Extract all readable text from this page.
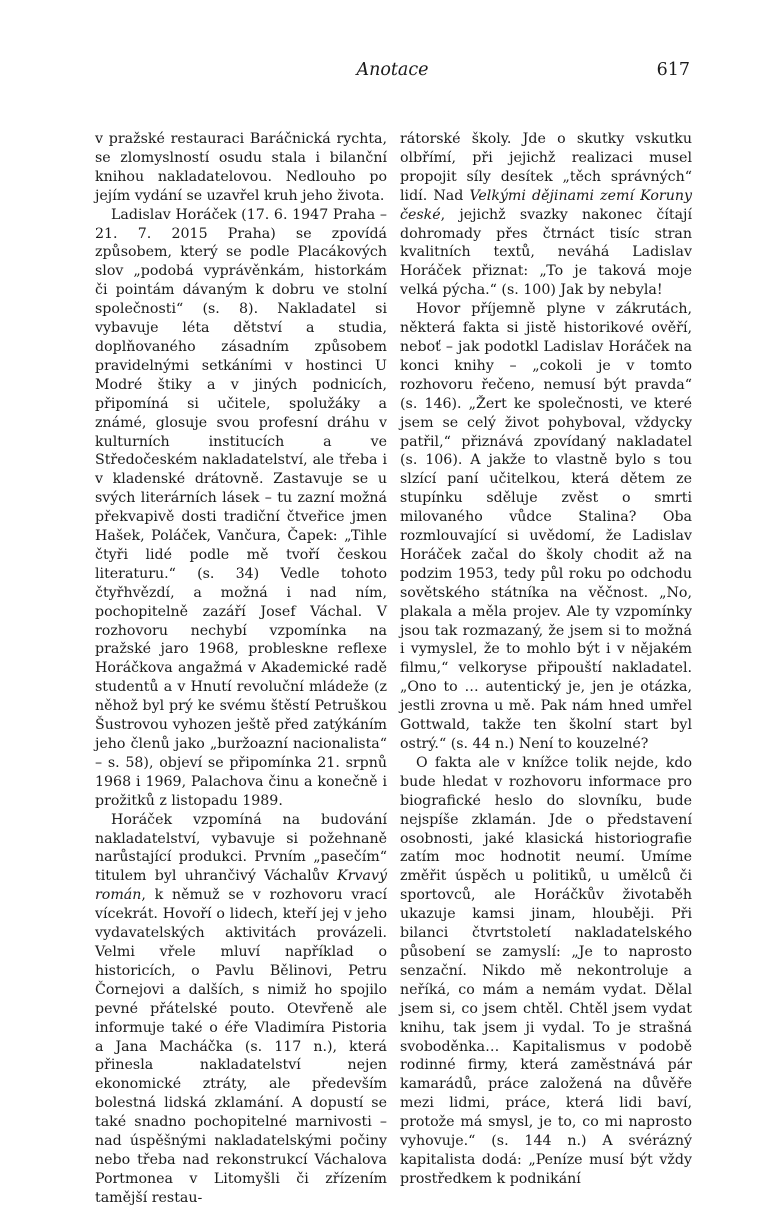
Anotace	617

v pražské restauraci Baráčnická rychta, se zlomyslností osudu stala i bilanční knihou nakladatelovou. Nedlouho po jejím vydání se uzavřel kruh jeho života.

Ladislav Horáček (17. 6. 1947 Praha – 21. 7. 2015 Praha) se zpovídá způsobem, který se podle Placákových slov „podobá vyprávěnkám, historkám či pointám dávaným k dobru ve stolní společnosti“ (s. 8). Nakladatel si vybavuje léta dětství a studia, doplňovaného zásadním způsobem pravidelnými setkáními v hostinci U Modré štiky a v jiných podnicích, připomíná si učitele, spolužáky a známé, glosuje svou profesní dráhu v kulturních institucích a ve Středočeském nakladatelství, ale třeba i v kladenské drátovně. Zastavuje se u svých literárních lásek – tu zazní možná překvapivě dosti tradiční čtveřice jmen Hašek, Poláček, Vančura, Čapek: „Tihle čtyři lidé podle mě tvoří českou literaturu.“ (s. 34) Vedle tohoto čtyřhvězdí, a možná i nad ním, pochopitelně zazáří Josef Váchal. V rozhovoru nechybí vzpomínka na pražské jaro 1968, probleskne reflexe Horáčkova angažmá v Akademické radě studentů a v Hnutí revoluční mládeže (z něhož byl prý ke svému štěstí Petruškou Šustrovou vyhozen ještě před zatýkáním jeho členů jako „buržoazní nacionalista“ – s. 58), objeví se připomínka 21. srpnů 1968 i 1969, Palachova činu a konečně i prožitků z listopadu 1989.

Horáček vzpomíná na budování nakladatelství, vybavuje si požehnaně narůstající produkci. Prvním „pasečím“ titulem byl uhrančivý Váchalův Krvavý román, k němuž se v rozhovoru vrací vícekrát. Hovoří o lidech, kteří jej v jeho vydavatelských aktivitách provázeli. Velmi vřele mluví například o historicích, o Pavlu Bělinovi, Petru Čornejovi a dalších, s nimiž ho spojilo pevné přátelské pouto. Otevřeně ale informuje také o éře Vladimíra Pistoria a Jana Macháčka (s. 117 n.), která přinesla nakladatelství nejen ekonomické ztráty, ale především bolestná lidská zklamání. A dopustí se také snadno pochopitelné marnivosti – nad úspěšnými nakladatelskými počiny nebo třeba nad rekonstrukcí Váchalova Portmonea v Litomyšli či zřízením tamější restau-

rátorské školy. Jde o skutky vskutku olbřímí, při jejichž realizaci musel propojit síly desítek „těch správných“ lidí. Nad Velkými dějinami zemí Koruny české, jejichž svazky nakonec čítají dohromady přes čtrnáct tisíc stran kvalitních textů, neváhá Ladislav Horáček přiznat: „To je taková moje velká pýcha.“ (s. 100) Jak by nebyla!

Hovor příjemně plyne v zákrutách, některá fakta si jistě historikové ověří, neboť – jak podotkl Ladislav Horáček na konci knihy – „cokoli je v tomto rozhovoru řečeno, nemusí být pravda“ (s. 146). „Žert ke společnosti, ve které jsem se celý život pohyboval, vždycky patřil,“ přiznává zpovídaný nakladatel (s. 106). A jakže to vlastně bylo s tou slzící paní učitelkou, která dětem ze stupínku sděluje zvěst o smrti milovaného vůdce Stalina? Oba rozmlouvající si uvědomí, že Ladislav Horáček začal do školy chodit až na podzim 1953, tedy půl roku po odchodu sovětského státníka na věčnost. „No, plakala a měla projev. Ale ty vzpomínky jsou tak rozmazaný, že jsem si to možná i vymyslel, že to mohlo být i v nějakém filmu,“ velkoryse připouští nakladatel. „Ono to … autentický je, jen je otázka, jestli zrovna u mě. Pak nám hned umřel Gottwald, takže ten školní start byl ostrý.“ (s. 44 n.) Není to kouzelné?

O fakta ale v knížce tolik nejde, kdo bude hledat v rozhovoru informace pro biografické heslo do slovníku, bude nejspíše zklamán. Jde o představení osobnosti, jaké klasická historiografie zatím moc hodnotit neumí. Umíme změřit úspěch u politiků, u umělců či sportovců, ale Horáčkův životaběh ukazuje kamsi jinam, hlouběji. Při bilanci čtvrtstoletí nakladatelského působení se zamyslí: „Je to naprosto senzační. Nikdo mě nekontroluje a neříká, co mám a nemám vydat. Dělal jsem si, co jsem chtěl. Chtěl jsem vydat knihu, tak jsem ji vydal. To je strašná svoboděnka… Kapitalismus v podobě rodinné firmy, která zaměstnává pár kamarádů, práce založená na důvěře mezi lidmi, práce, která lidi baví, protože má smysl, je to, co mi naprosto vyhovuje.“ (s. 144 n.) A svérázný kapitalista dodá: „Peníze musí být vždy prostředkem k podnikání
